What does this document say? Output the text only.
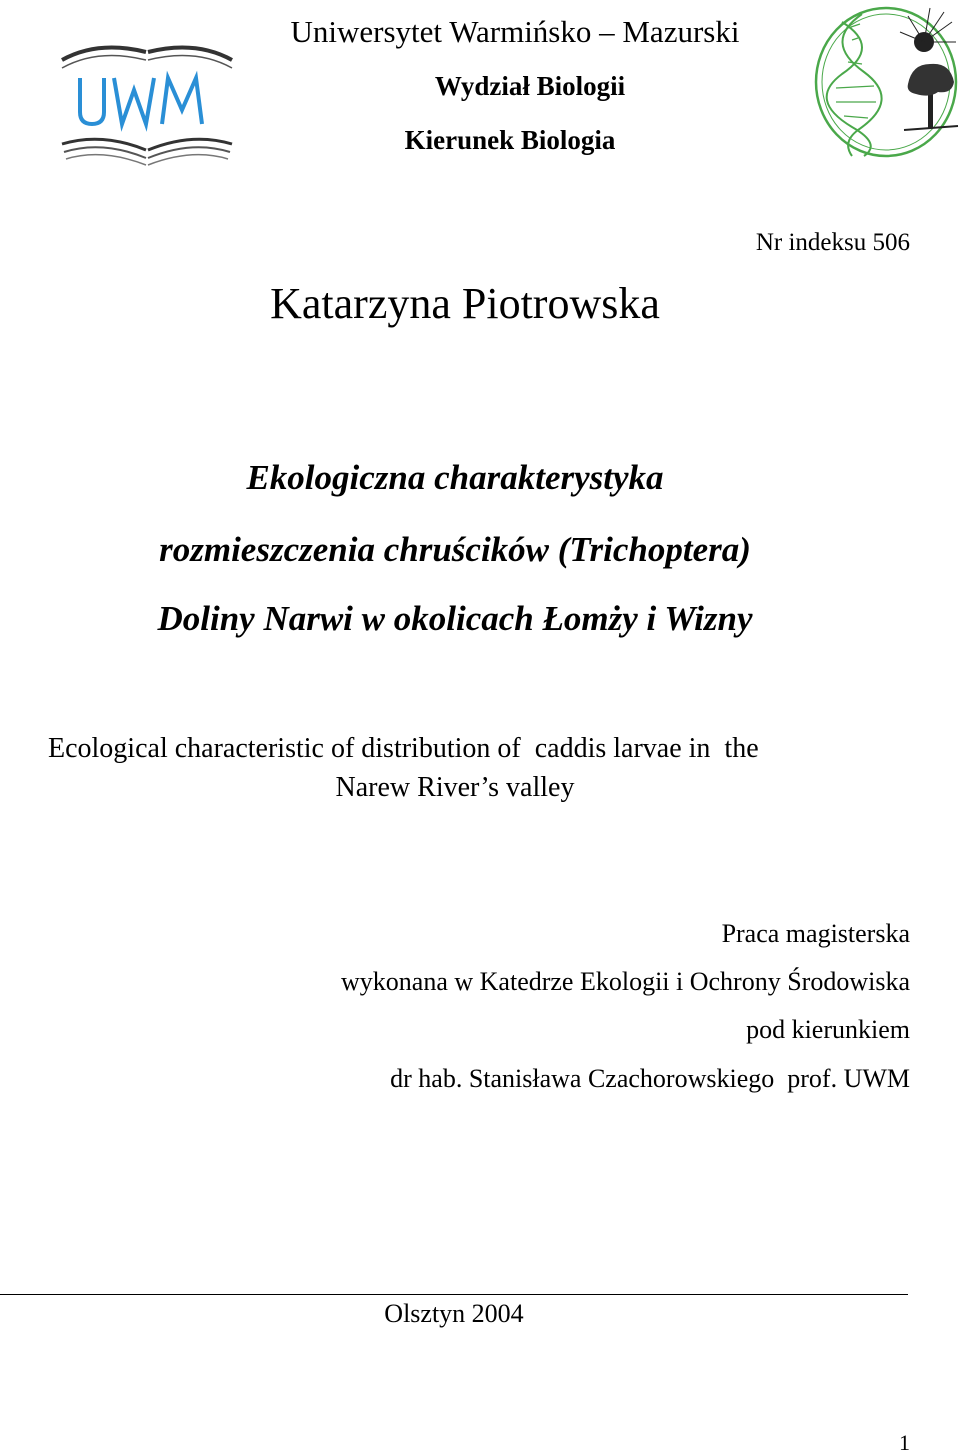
Uniwersytet Warmińsko – Mazurski
Wydział Biologii
Kierunek Biologia
Nr indeksu 506
Katarzyna Piotrowska
Ekologiczna charakterystyka
rozmieszczenia chruścików (Trichoptera)
Doliny Narwi w okolicach Łomży i Wizny
Ecological characteristic of distribution of  caddis larvae in  the
Narew River’s valley
Praca magisterska
wykonana w Katedrze Ekologii i Ochrony Środowiska
pod kierunkiem
dr hab. Stanisława Czachorowskiego  prof. UWM
Olsztyn 2004
1
